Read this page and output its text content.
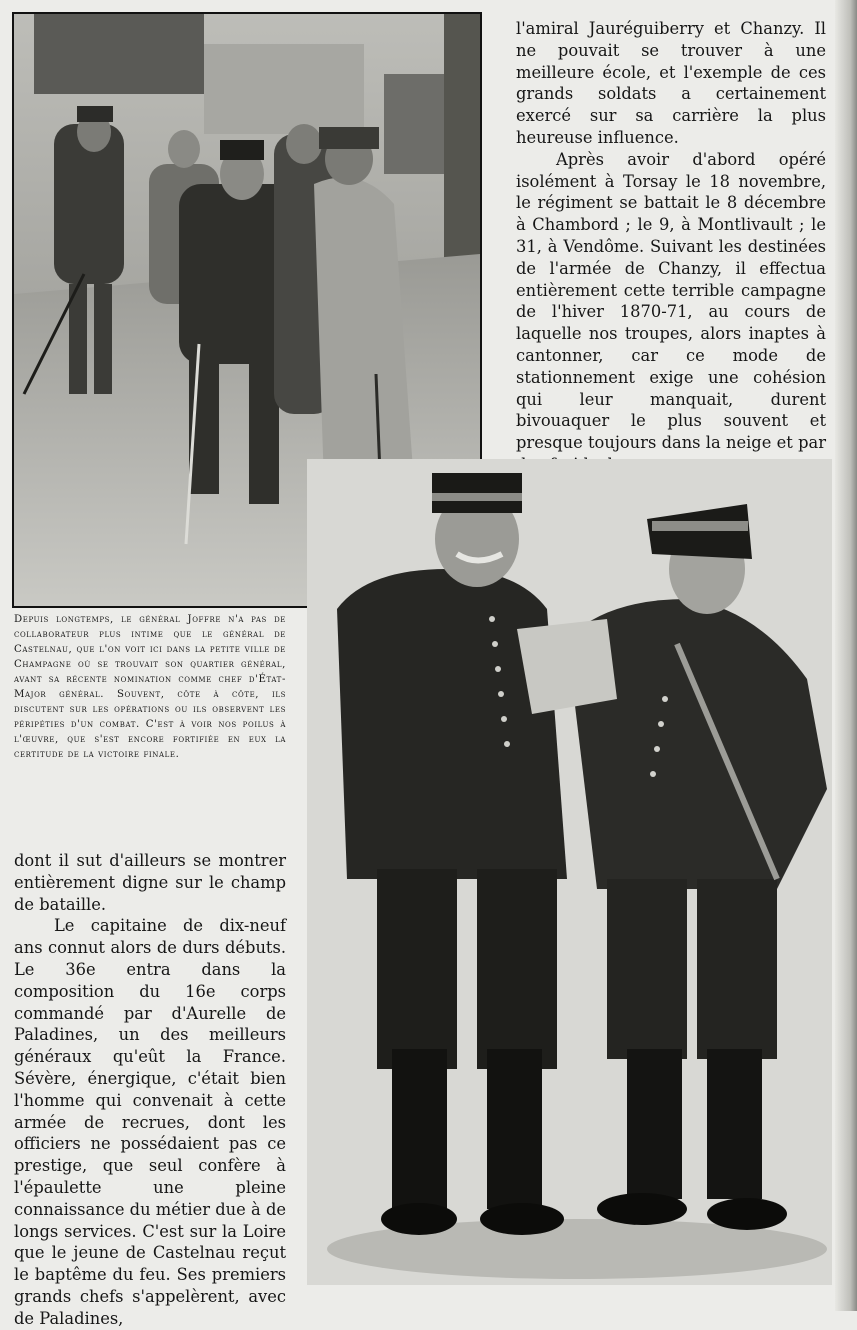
l'amiral Jauréguiberry et Chanzy. Il ne pouvait se trouver à une meilleure école, et l'exemple de ces grands soldats a certainement exercé sur sa carrière la plus heureuse influence.

Après avoir d'abord opéré isolément à Torsay le 18 novembre, le régiment se battait le 8 décembre à Chambord ; le 9, à Montlivault ; le 31, à Vendôme. Suivant les destinées de l'armée de Chanzy, il effectua entièrement cette terrible campagne de l'hiver 1870-71, au cours de laquelle nos troupes, alors inaptes à cantonner, car ce mode de stationnement exige une cohésion qui leur manquait, durent bivouaquer le plus souvent et presque toujours dans la neige et par

Depuis longtemps, le général Joffre n'a pas de collaborateur plus intime que le général de Castelnau, que l'on voit ici dans la petite ville de Champagne où se trouvait son quartier général, avant sa récente nomination comme chef d'État-Major général. Souvent, côte à côte, ils discutent sur les opérations ou ils observent les péripéties d'un combat. C'est à voir nos poilus à l'œuvre, que s'est encore fortifiée en eux la certitude de la victoire finale.

dont il sut d'ailleurs se montrer entièrement digne sur le champ de bataille.

Le capitaine de dix-neuf ans connut alors de durs débuts. Le 36e entra dans la composition du 16e corps commandé par d'Aurelle de Paladines, un des meilleurs généraux qu'eût la France. Sévère, énergique, c'était bien l'homme qui convenait à cette armée de recrues, dont les officiers ne possédaient pas ce prestige, que seul confère à l'épaulette une pleine connaissance du métier due à de longs services. C'est sur la Loire que le jeune de Castelnau reçut le baptême du feu. Ses premiers grands chefs s'appelèrent, avec de Paladines,
